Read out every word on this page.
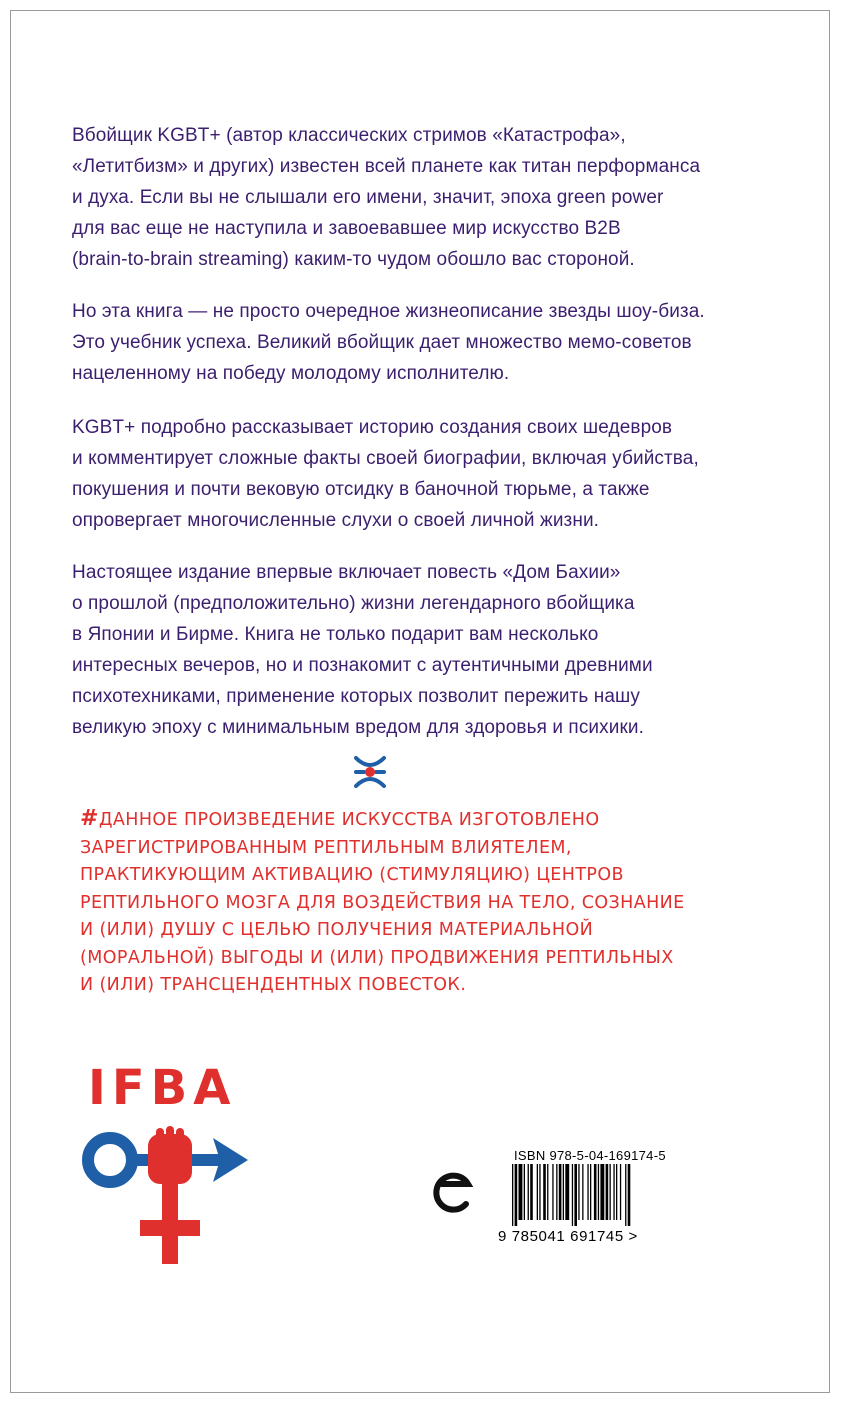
Вбойщик KGBT+ (автор классических стримов «Катастрофа»,
«Летитбизм» и других) известен всей планете как титан перформанса
и духа. Если вы не слышали его имени, значит, эпоха green power
для вас еще не наступила и завоевавшее мир искусство B2B
(brain-to-brain streaming) каким-то чудом обошло вас стороной.
Но эта книга — не просто очередное жизнеописание звезды шоу-биза.
Это учебник успеха. Великий вбойщик дает множество мемо-советов
нацеленному на победу молодому исполнителю.
KGBT+ подробно рассказывает историю создания своих шедевров
и комментирует сложные факты своей биографии, включая убийства,
покушения и почти вековую отсидку в баночной тюрьме, а также
опровергает многочисленные слухи о своей личной жизни.
Настоящее издание впервые включает повесть «Дом Бахии»
о прошлой (предположительно) жизни легендарного вбойщика
в Японии и Бирме. Книга не только подарит вам несколько
интересных вечеров, но и познакомит с аутентичными древними
психотехниками, применение которых позволит пережить нашу
великую эпоху с минимальным вредом для здоровья и психики.
#ДАННОЕ ПРОИЗВЕДЕНИЕ ИСКУССТВА ИЗГОТОВЛЕНО
ЗАРЕГИСТРИРОВАННЫМ РЕПТИЛЬНЫМ ВЛИЯТЕЛЕМ,
ПРАКТИКУЮЩИМ АКТИВАЦИЮ (СТИМУЛЯЦИЮ) ЦЕНТРОВ
РЕПТИЛЬНОГО МОЗГА ДЛЯ ВОЗДЕЙСТВИЯ НА ТЕЛО, СОЗНАНИЕ
И (ИЛИ) ДУШУ С ЦЕЛЬЮ ПОЛУЧЕНИЯ МАТЕРИАЛЬНОЙ
(МОРАЛЬНОЙ) ВЫГОДЫ И (ИЛИ) ПРОДВИЖЕНИЯ РЕПТИЛЬНЫХ
И (ИЛИ) ТРАНСЦЕНДЕНТНЫХ ПОВЕСТОК.
IFBA
ISBN 978-5-04-169174-5
9 785041 691745 >
